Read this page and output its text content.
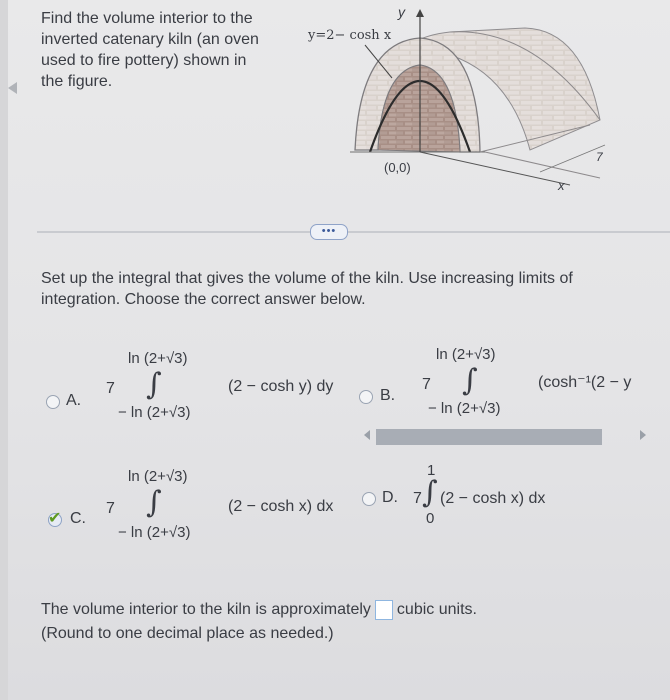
Find the volume interior to the inverted catenary kiln (an oven used to fire pottery) shown in the figure.
y
y=2− cosh x
(0,0)
7
x
•••
Set up the integral that gives the volume of the kiln. Use increasing limits of integration. Choose the correct answer below.
A.
7
ln (2+√3)
∫
− ln (2+√3)
(2 − cosh y) dy
B.
7
ln (2+√3)
∫
− ln (2+√3)
(cosh⁻¹(2 − y
✔ C.
7
ln (2+√3)
∫
− ln (2+√3)
(2 − cosh x) dx
D. 7
1
∫
0
(2 − cosh x) dx
The volume interior to the kiln is approximately cubic units.
(Round to one decimal place as needed.)
